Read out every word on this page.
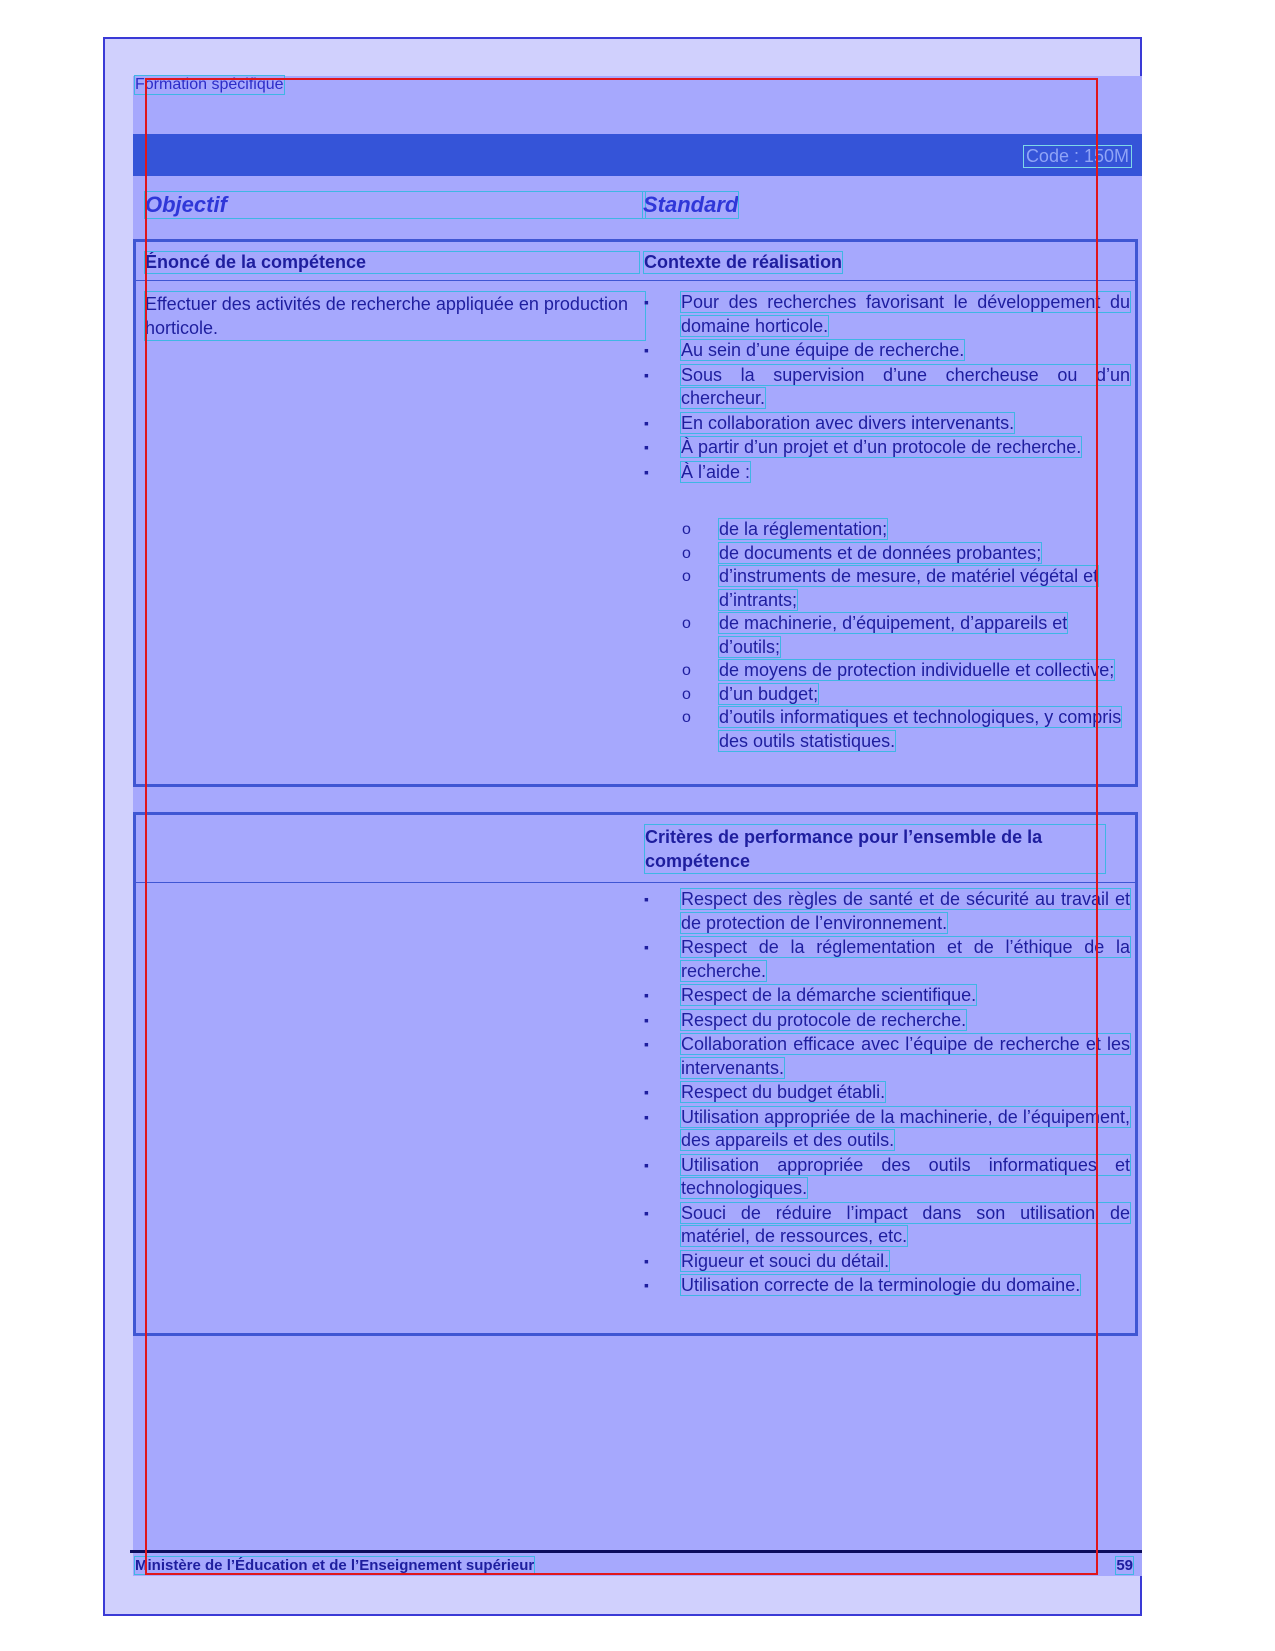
Formation spécifique
Code : 150M
Objectif	Standard
Énoncé de la compétence	Contexte de réalisation
Effectuer des activités de recherche appliquée en production horticole.
▪ Pour des recherches favorisant le développement du domaine horticole.
▪ Au sein d’une équipe de recherche.
▪ Sous la supervision d’une chercheuse ou d’un chercheur.
▪ En collaboration avec divers intervenants.
▪ À partir d’un projet et d’un protocole de recherche.
▪ À l’aide :
o de la réglementation;
o de documents et de données probantes;
o d’instruments de mesure, de matériel végétal et d’intrants;
o de machinerie, d’équipement, d’appareils et d’outils;
o de moyens de protection individuelle et collective;
o d’un budget;
o d’outils informatiques et technologiques, y compris des outils statistiques.
Critères de performance pour l’ensemble de la compétence
▪ Respect des règles de santé et de sécurité au travail et de protection de l’environnement.
▪ Respect de la réglementation et de l’éthique de la recherche.
▪ Respect de la démarche scientifique.
▪ Respect du protocole de recherche.
▪ Collaboration efficace avec l’équipe de recherche et les intervenants.
▪ Respect du budget établi.
▪ Utilisation appropriée de la machinerie, de l’équipement, des appareils et des outils.
▪ Utilisation appropriée des outils informatiques et technologiques.
▪ Souci de réduire l’impact dans son utilisation de matériel, de ressources, etc.
▪ Rigueur et souci du détail.
▪ Utilisation correcte de la terminologie du domaine.
Ministère de l’Éducation et de l’Enseignement supérieur	59
